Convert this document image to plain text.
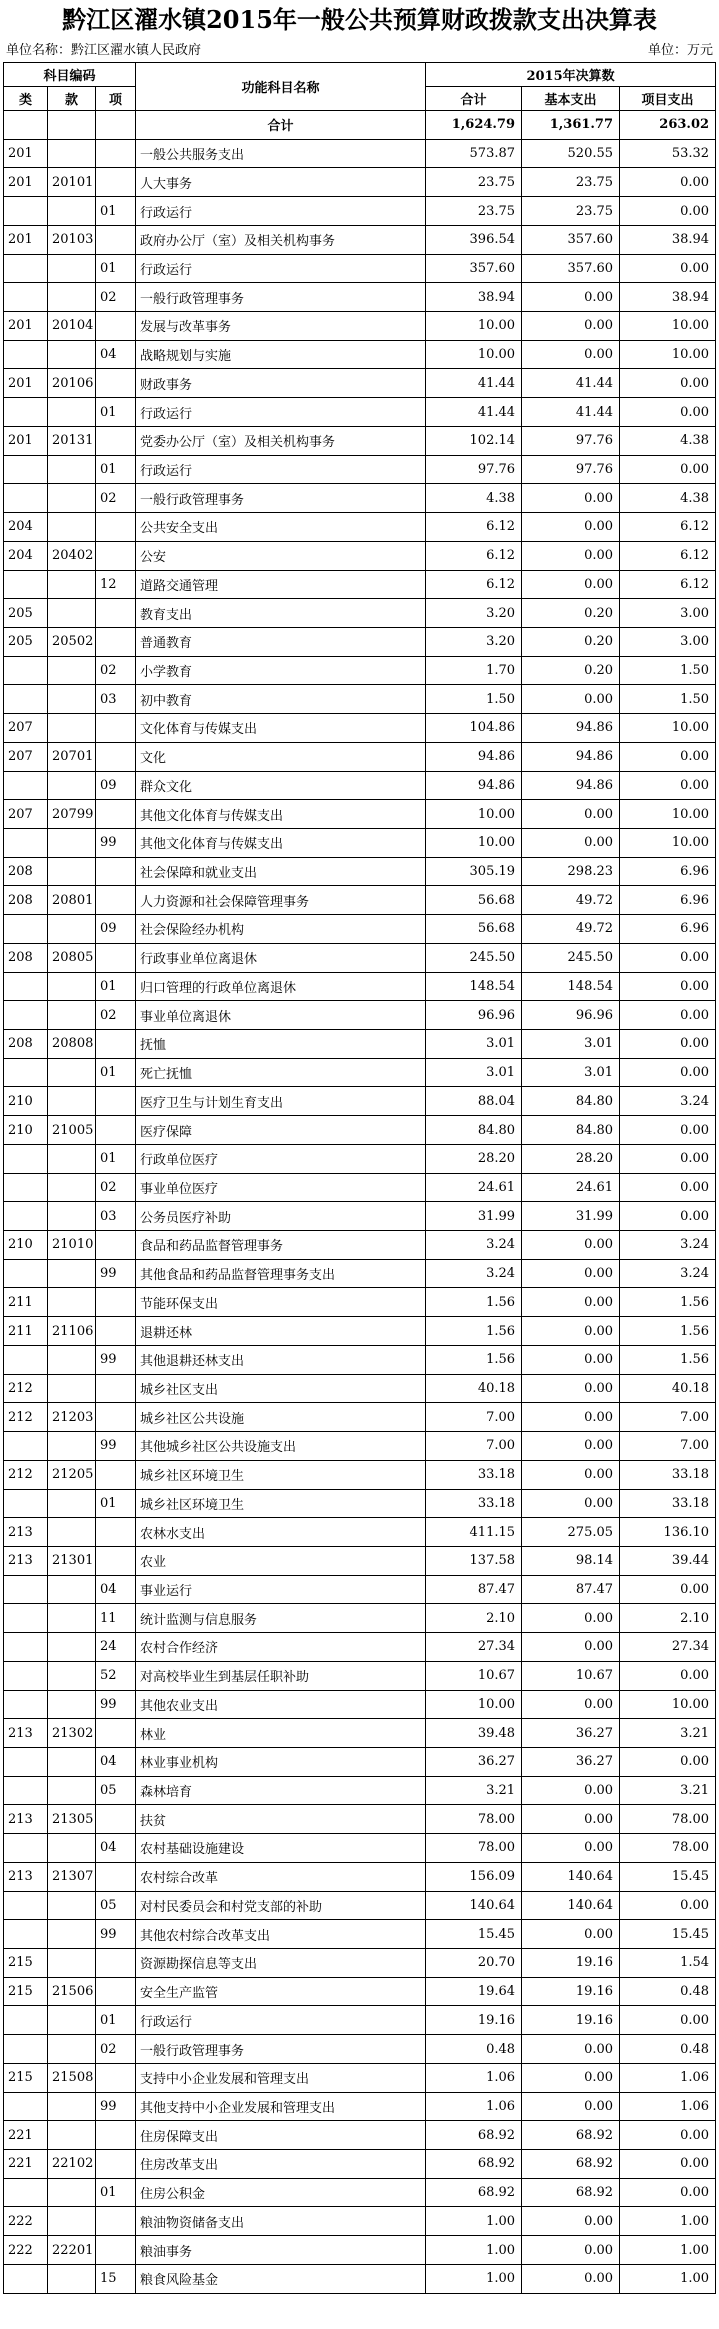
黔江区濯水镇2015年一般公共预算财政拨款支出决算表
单位名称：黔江区濯水镇人民政府	单位：万元
科目编码			功能科目名称	2015年决算数		
类	款	项		合计	基本支出	项目支出
			合计	1,624.79	1,361.77	263.02
201			一般公共服务支出	573.87	520.55	53.32
201	20101		人大事务	23.75	23.75	0.00
		01	行政运行	23.75	23.75	0.00
201	20103		政府办公厅（室）及相关机构事务	396.54	357.60	38.94
		01	行政运行	357.60	357.60	0.00
		02	一般行政管理事务	38.94	0.00	38.94
201	20104		发展与改革事务	10.00	0.00	10.00
		04	战略规划与实施	10.00	0.00	10.00
201	20106		财政事务	41.44	41.44	0.00
		01	行政运行	41.44	41.44	0.00
201	20131		党委办公厅（室）及相关机构事务	102.14	97.76	4.38
		01	行政运行	97.76	97.76	0.00
		02	一般行政管理事务	4.38	0.00	4.38
204			公共安全支出	6.12	0.00	6.12
204	20402		公安	6.12	0.00	6.12
		12	道路交通管理	6.12	0.00	6.12
205			教育支出	3.20	0.20	3.00
205	20502		普通教育	3.20	0.20	3.00
		02	小学教育	1.70	0.20	1.50
		03	初中教育	1.50	0.00	1.50
207			文化体育与传媒支出	104.86	94.86	10.00
207	20701		文化	94.86	94.86	0.00
		09	群众文化	94.86	94.86	0.00
207	20799		其他文化体育与传媒支出	10.00	0.00	10.00
		99	其他文化体育与传媒支出	10.00	0.00	10.00
208			社会保障和就业支出	305.19	298.23	6.96
208	20801		人力资源和社会保障管理事务	56.68	49.72	6.96
		09	社会保险经办机构	56.68	49.72	6.96
208	20805		行政事业单位离退休	245.50	245.50	0.00
		01	归口管理的行政单位离退休	148.54	148.54	0.00
		02	事业单位离退休	96.96	96.96	0.00
208	20808		抚恤	3.01	3.01	0.00
		01	死亡抚恤	3.01	3.01	0.00
210			医疗卫生与计划生育支出	88.04	84.80	3.24
210	21005		医疗保障	84.80	84.80	0.00
		01	行政单位医疗	28.20	28.20	0.00
		02	事业单位医疗	24.61	24.61	0.00
		03	公务员医疗补助	31.99	31.99	0.00
210	21010		食品和药品监督管理事务	3.24	0.00	3.24
		99	其他食品和药品监督管理事务支出	3.24	0.00	3.24
211			节能环保支出	1.56	0.00	1.56
211	21106		退耕还林	1.56	0.00	1.56
		99	其他退耕还林支出	1.56	0.00	1.56
212			城乡社区支出	40.18	0.00	40.18
212	21203		城乡社区公共设施	7.00	0.00	7.00
		99	其他城乡社区公共设施支出	7.00	0.00	7.00
212	21205		城乡社区环境卫生	33.18	0.00	33.18
		01	城乡社区环境卫生	33.18	0.00	33.18
213			农林水支出	411.15	275.05	136.10
213	21301		农业	137.58	98.14	39.44
		04	事业运行	87.47	87.47	0.00
		11	统计监测与信息服务	2.10	0.00	2.10
		24	农村合作经济	27.34	0.00	27.34
		52	对高校毕业生到基层任职补助	10.67	10.67	0.00
		99	其他农业支出	10.00	0.00	10.00
213	21302		林业	39.48	36.27	3.21
		04	林业事业机构	36.27	36.27	0.00
		05	森林培育	3.21	0.00	3.21
213	21305		扶贫	78.00	0.00	78.00
		04	农村基础设施建设	78.00	0.00	78.00
213	21307		农村综合改革	156.09	140.64	15.45
		05	对村民委员会和村党支部的补助	140.64	140.64	0.00
		99	其他农村综合改革支出	15.45	0.00	15.45
215			资源勘探信息等支出	20.70	19.16	1.54
215	21506		安全生产监管	19.64	19.16	0.48
		01	行政运行	19.16	19.16	0.00
		02	一般行政管理事务	0.48	0.00	0.48
215	21508		支持中小企业发展和管理支出	1.06	0.00	1.06
		99	其他支持中小企业发展和管理支出	1.06	0.00	1.06
221			住房保障支出	68.92	68.92	0.00
221	22102		住房改革支出	68.92	68.92	0.00
		01	住房公积金	68.92	68.92	0.00
222			粮油物资储备支出	1.00	0.00	1.00
222	22201		粮油事务	1.00	0.00	1.00
		15	粮食风险基金	1.00	0.00	1.00
